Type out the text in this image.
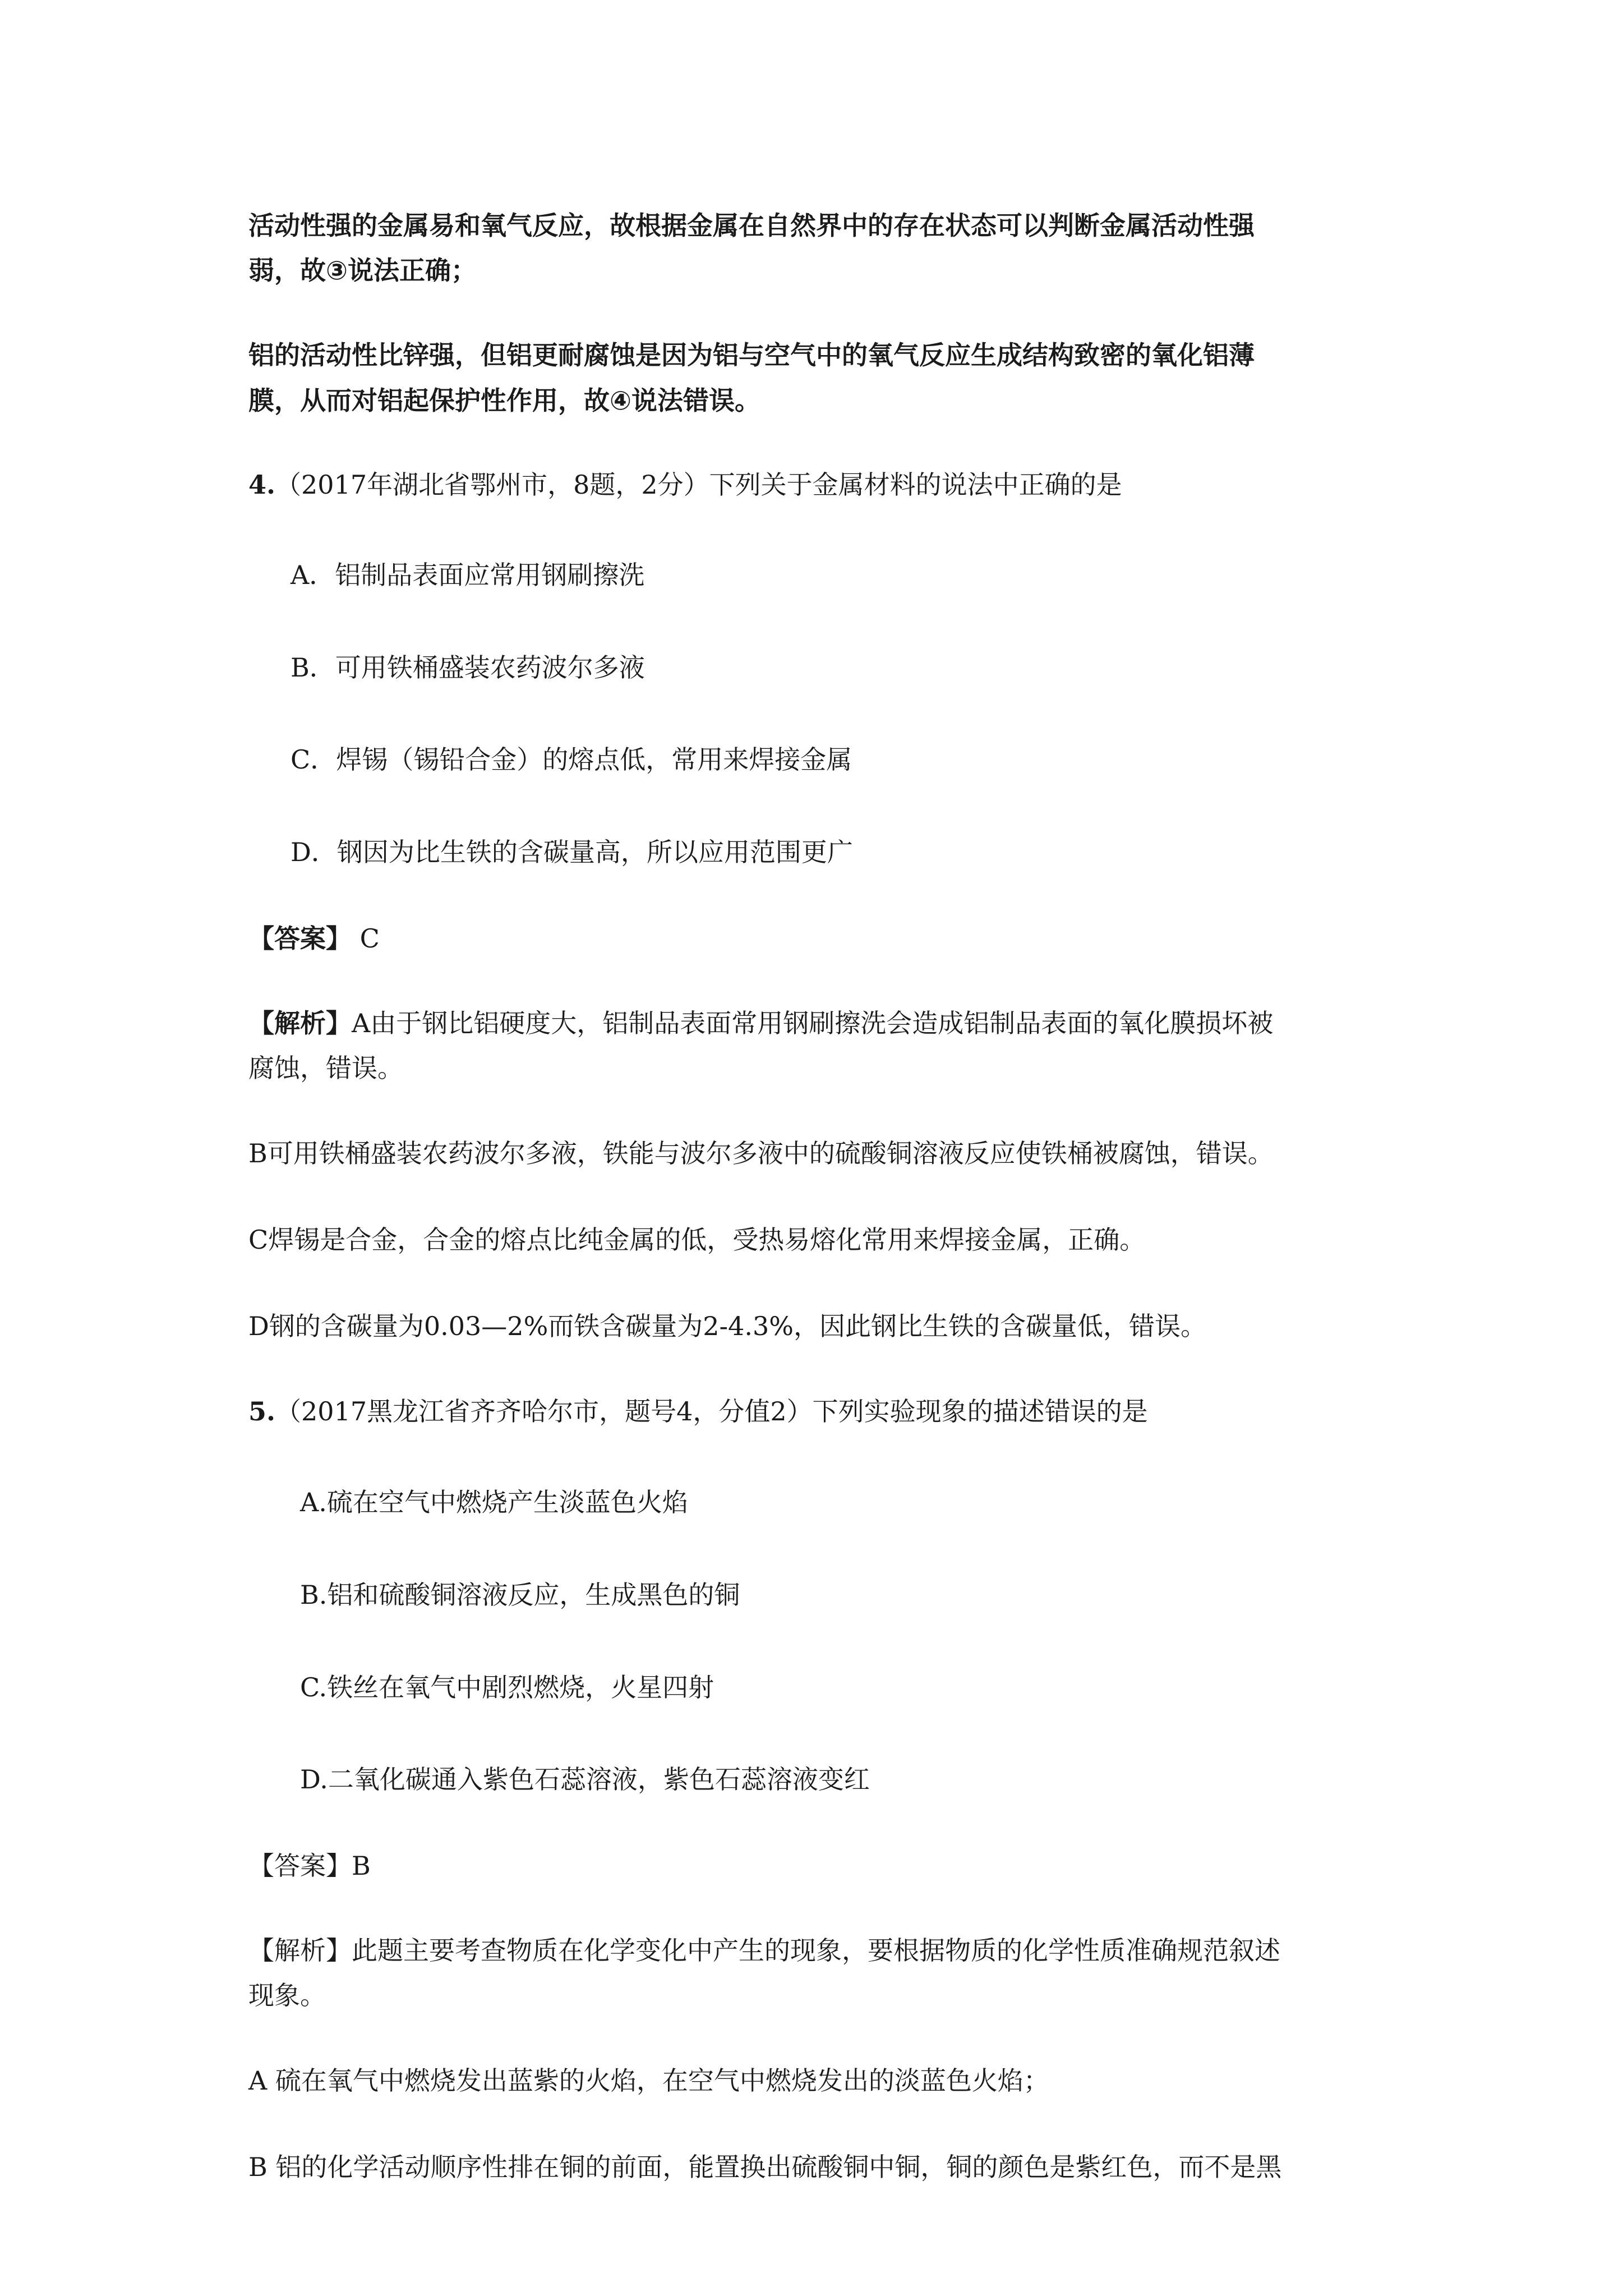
活动性强的金属易和氧气反应，故根据金属在自然界中的存在状态可以判断金属活动性强
弱，故③说法正确；
铝的活动性比锌强，但铝更耐腐蚀是因为铝与空气中的氧气反应生成结构致密的氧化铝薄
膜，从而对铝起保护性作用，故④说法错误。
4.（2017年湖北省鄂州市，8题，2分）下列关于金属材料的说法中正确的是
A．铝制品表面应常用钢刷擦洗
B．可用铁桶盛装农药波尔多液
C．焊锡（锡铅合金）的熔点低，常用来焊接金属
D．钢因为比生铁的含碳量高，所以应用范围更广
【答案】 C
【解析】A由于钢比铝硬度大，铝制品表面常用钢刷擦洗会造成铝制品表面的氧化膜损坏被
腐蚀，错误。
B可用铁桶盛装农药波尔多液，铁能与波尔多液中的硫酸铜溶液反应使铁桶被腐蚀，错误。
C焊锡是合金，合金的熔点比纯金属的低，受热易熔化常用来焊接金属，正确。
D钢的含碳量为0.03—2%而铁含碳量为2-4.3%，因此钢比生铁的含碳量低，错误。
5.（2017黑龙江省齐齐哈尔市，题号4，分值2）下列实验现象的描述错误的是
A.硫在空气中燃烧产生淡蓝色火焰
B.铝和硫酸铜溶液反应，生成黑色的铜
C.铁丝在氧气中剧烈燃烧，火星四射
D.二氧化碳通入紫色石蕊溶液，紫色石蕊溶液变红
【答案】B
【解析】此题主要考查物质在化学变化中产生的现象，要根据物质的化学性质准确规范叙述
现象。
A 硫在氧气中燃烧发出蓝紫的火焰，在空气中燃烧发出的淡蓝色火焰；
B 铝的化学活动顺序性排在铜的前面，能置换出硫酸铜中铜，铜的颜色是紫红色，而不是黑
